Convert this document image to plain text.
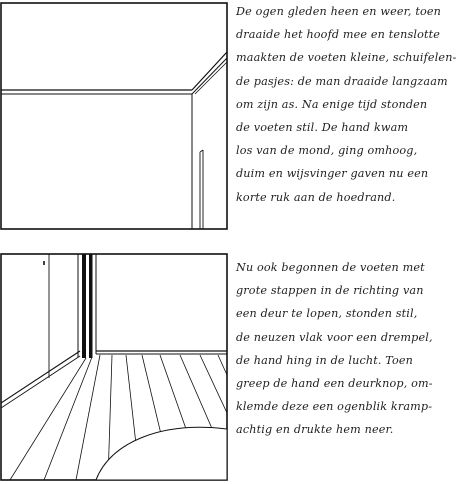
De ogen gleden heen en weer, toen
draaide het hoofd mee en tenslotte
maakten de voeten kleine, schuifelen-
de pasjes: de man draaide langzaam
om zijn as. Na enige tijd stonden
de voeten stil. De hand kwam
los van de mond, ging omhoog,
duim en wijsvinger gaven nu een
korte ruk aan de hoedrand.

Nu ook begonnen de voeten met
grote stappen in de richting van
een deur te lopen, stonden stil,
de neuzen vlak voor een drempel,
de hand hing in de lucht. Toen
greep de hand een deurknop, om-
klemde deze een ogenblik kramp-
achtig en drukte hem neer.
